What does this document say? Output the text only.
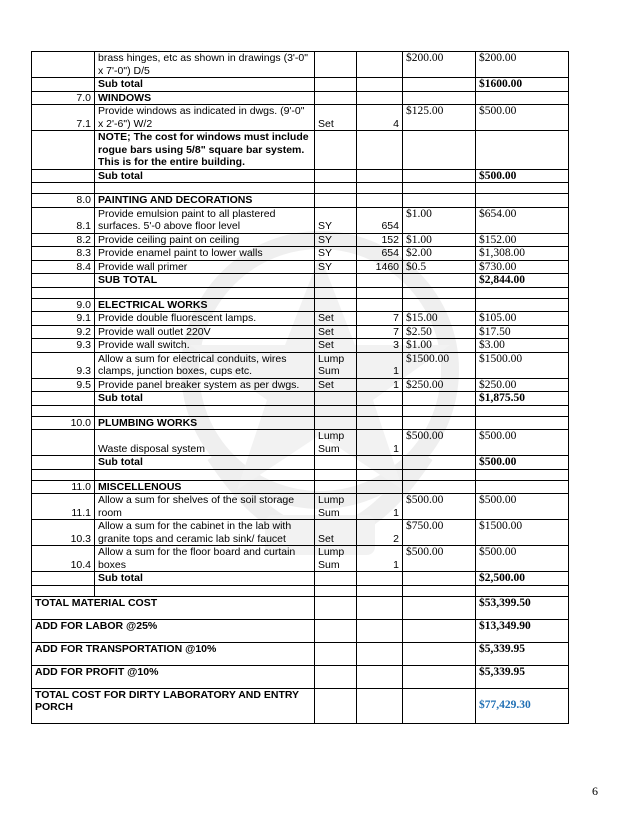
	brass hinges, etc as shown in drawings (3'-0" x 7'-0") D/5			$200.00	$200.00
	Sub total				$1600.00
7.0	WINDOWS				
7.1	Provide windows as indicated in dwgs. (9'-0" x 2'-6") W/2	Set	4	$125.00	$500.00
	NOTE; The cost for windows must include rogue bars using 5/8" square bar system. This is for the entire building.				
	Sub total				$500.00

8.0	PAINTING AND DECORATIONS				
8.1	Provide emulsion paint to all plastered surfaces. 5'-0 above floor level	SY	654	$1.00	$654.00
8.2	Provide ceiling paint on ceiling	SY	152	$1.00	$152.00
8.3	Provide enamel paint to lower walls	SY	654	$2.00	$1,308.00
8.4	Provide wall primer	SY	1460	$0.5	$730.00
	SUB TOTAL				$2,844.00

9.0	ELECTRICAL WORKS				
9.1	Provide double fluorescent lamps.	Set	7	$15.00	$105.00
9.2	Provide wall outlet 220V	Set	7	$2.50	$17.50
9.3	Provide wall switch.	Set	3	$1.00	$3.00
9.3	Allow a sum for electrical conduits, wires clamps, junction boxes, cups etc.	Lump Sum	1	$1500.00	$1500.00
9.5	Provide panel breaker system as per dwgs.	Set	1	$250.00	$250.00
	Sub total				$1,875.50

10.0	PLUMBING WORKS				
	Waste disposal system	Lump Sum	1	$500.00	$500.00
	Sub total				$500.00

11.0	MISCELLENOUS				
11.1	Allow a sum for shelves of the soil storage room	Lump Sum	1	$500.00	$500.00
10.3	Allow a sum for the cabinet in the lab with granite tops and ceramic lab sink/ faucet	Set	2	$750.00	$1500.00
10.4	Allow a sum for the floor board and curtain boxes	Lump Sum	1	$500.00	$500.00
	Sub total				$2,500.00

TOTAL MATERIAL COST					$53,399.50
ADD FOR LABOR @25%					$13,349.90
ADD FOR TRANSPORTATION @10%					$5,339.95
ADD FOR PROFIT @10%					$5,339.95
TOTAL COST FOR DIRTY LABORATORY AND ENTRY PORCH					$77,429.30
6
